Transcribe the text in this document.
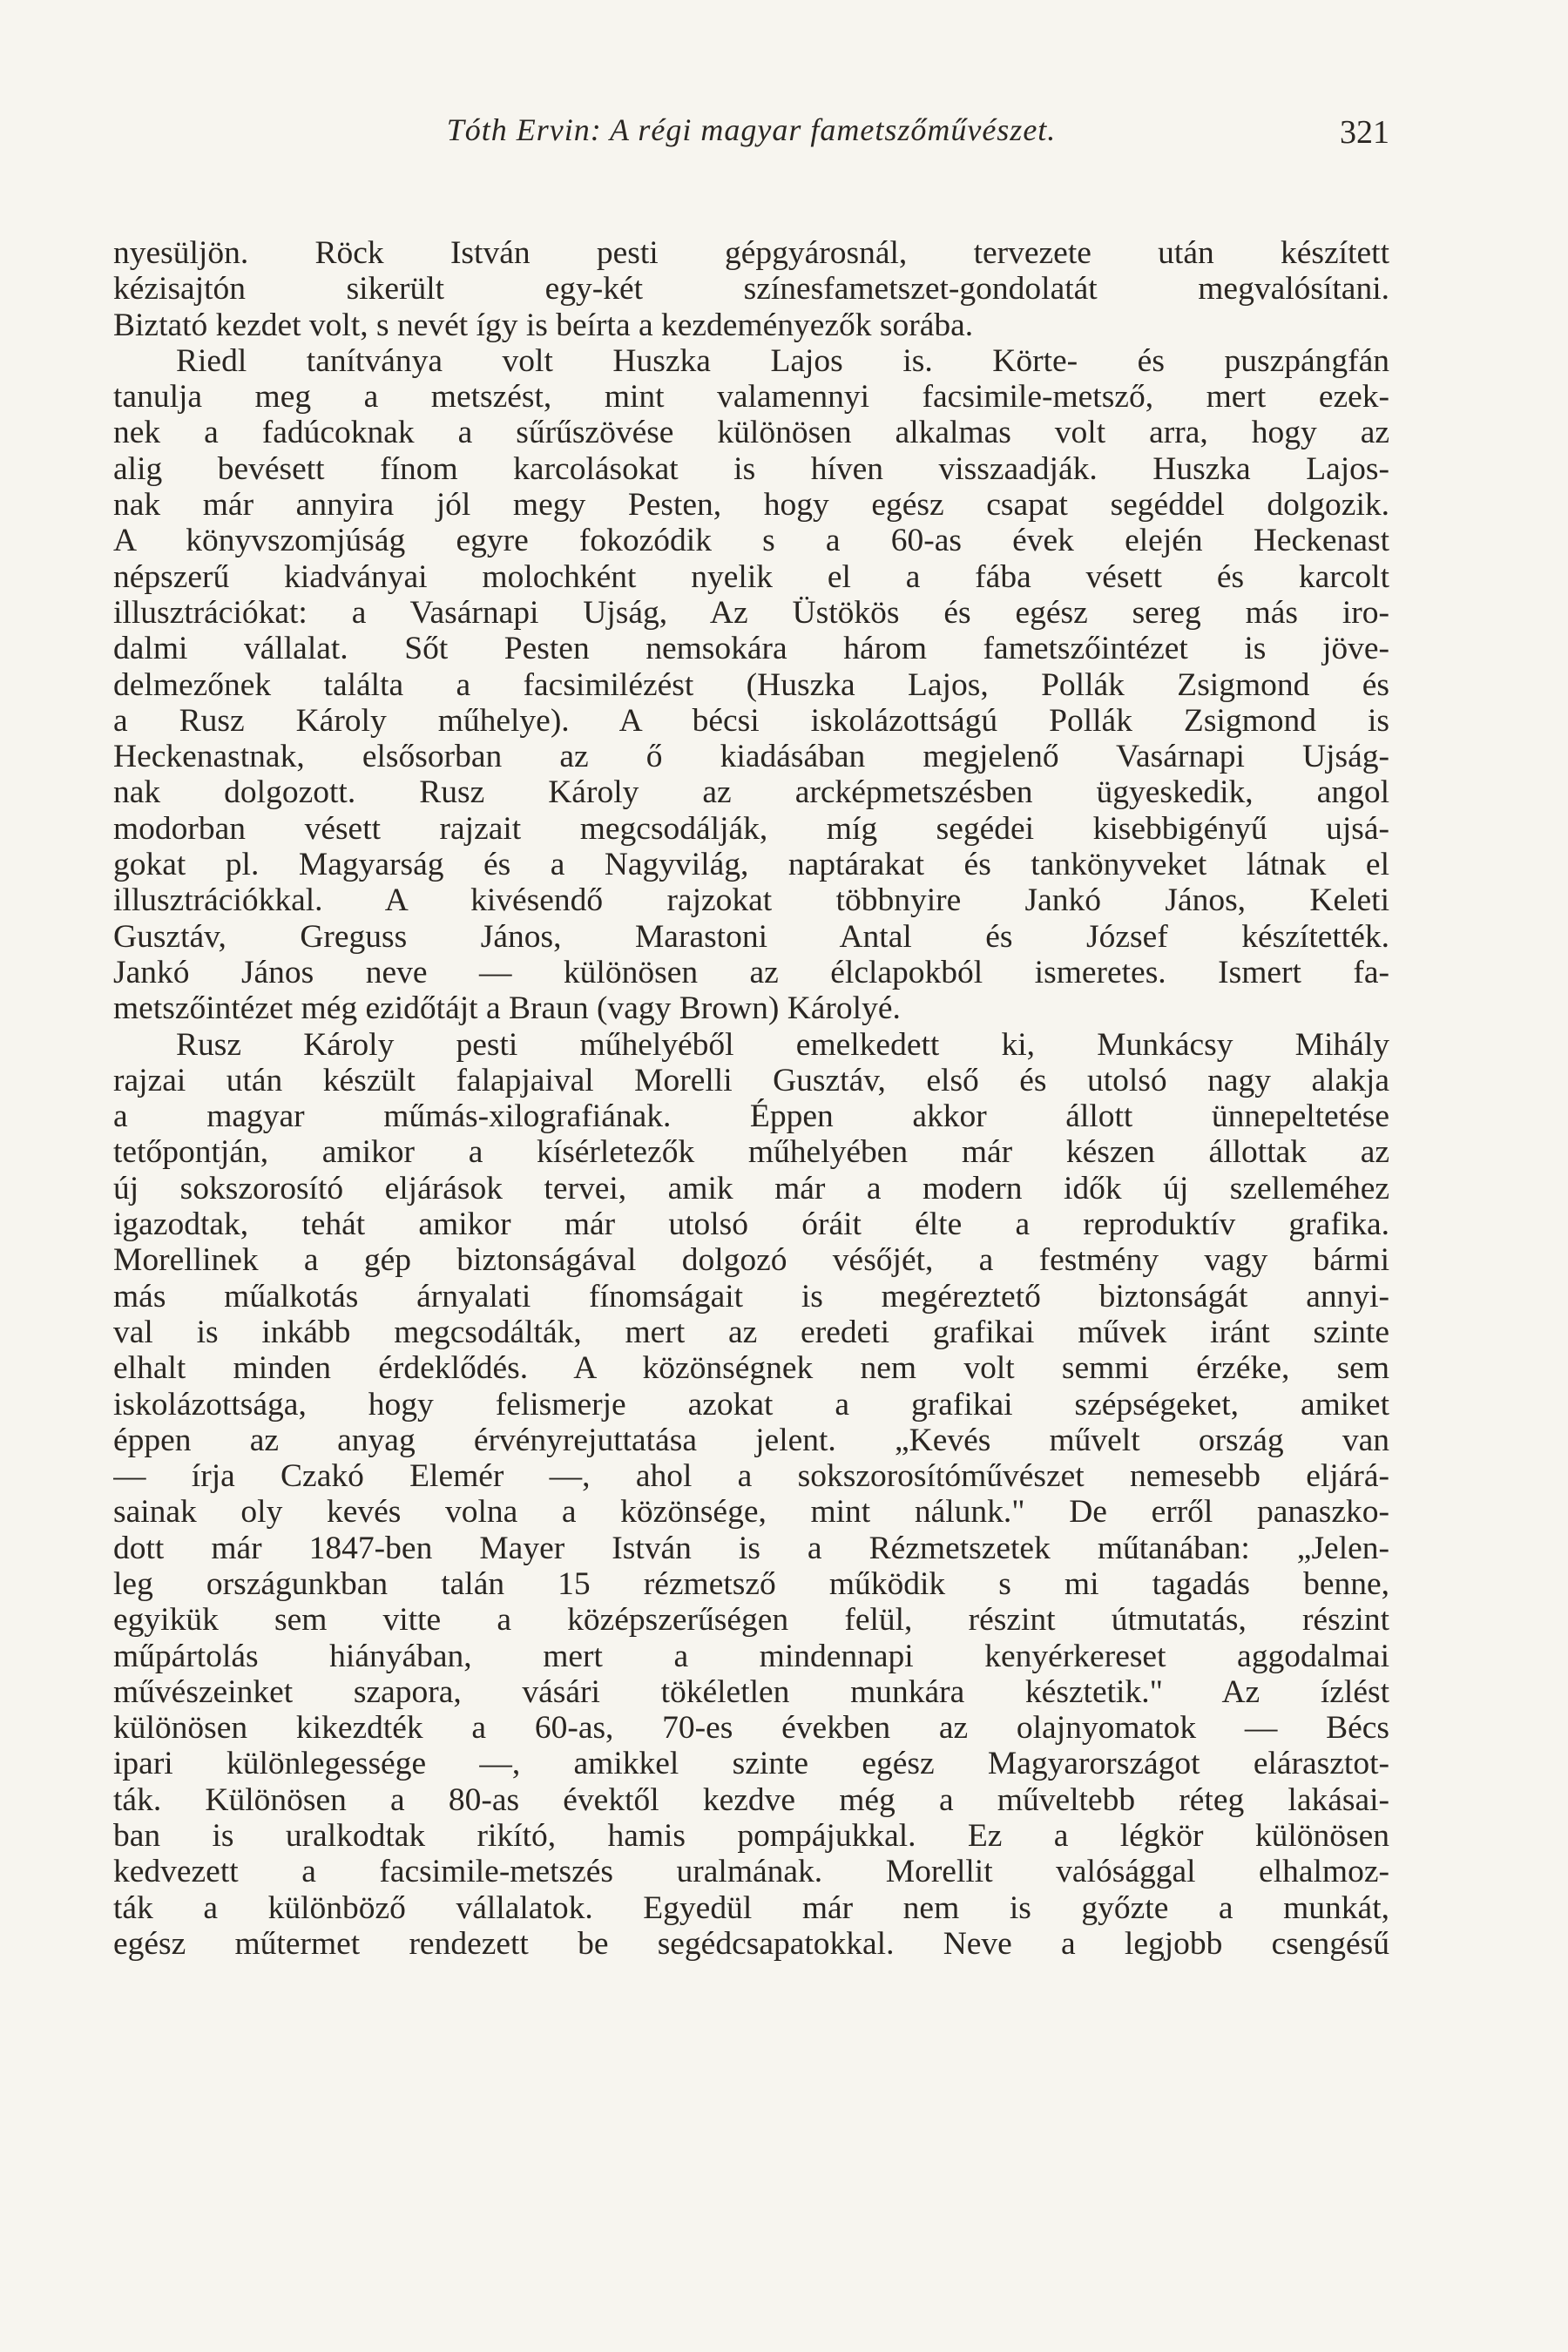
Tóth Ervin: A régi magyar fametszőművészet.	321
nyesüljön. Röck István pesti gépgyárosnál, tervezete után készített
kézisajtón sikerült egy-két színesfametszet-gondolatát megvalósítani.
Biztató kezdet volt, s nevét így is beírta a kezdeményezők sorába.
Riedl tanítványa volt Huszka Lajos is. Körte- és puszpángfán
tanulja meg a metszést, mint valamennyi facsimile-metsző, mert ezek-
nek a fadúcoknak a sűrűszövése különösen alkalmas volt arra, hogy az
alig bevésett fínom karcolásokat is híven visszaadják. Huszka Lajos-
nak már annyira jól megy Pesten, hogy egész csapat segéddel dolgozik.
A könyvszomjúság egyre fokozódik s a 60-as évek elején Heckenast
népszerű kiadványai molochként nyelik el a fába vésett és karcolt
illusztrációkat: a Vasárnapi Ujság, Az Üstökös és egész sereg más iro-
dalmi vállalat. Sőt Pesten nemsokára három fametszőintézet is jöve-
delmezőnek találta a facsimilézést (Huszka Lajos, Pollák Zsigmond és
a Rusz Károly műhelye). A bécsi iskolázottságú Pollák Zsigmond is
Heckenastnak, elsősorban az ő kiadásában megjelenő Vasárnapi Ujság-
nak dolgozott. Rusz Károly az arcképmetszésben ügyeskedik, angol
modorban vésett rajzait megcsodálják, míg segédei kisebbigényű ujsá-
gokat pl. Magyarság és a Nagyvilág, naptárakat és tankönyveket látnak el
illusztrációkkal. A kivésendő rajzokat többnyire Jankó János, Keleti
Gusztáv, Greguss János, Marastoni Antal és József készítették.
Jankó János neve — különösen az élclapokból ismeretes. Ismert fa-
metszőintézet még ezidőtájt a Braun (vagy Brown) Károlyé.
Rusz Károly pesti műhelyéből emelkedett ki, Munkácsy Mihály
rajzai után készült falapjaival Morelli Gusztáv, első és utolsó nagy alakja
a magyar műmás-xilografiának. Éppen akkor állott ünnepeltetése
tetőpontján, amikor a kísérletezők műhelyében már készen állottak az
új sokszorosító eljárások tervei, amik már a modern idők új szelleméhez
igazodtak, tehát amikor már utolsó óráit élte a reproduktív grafika.
Morellinek a gép biztonságával dolgozó vésőjét, a festmény vagy bármi
más műalkotás árnyalati fínomságait is megéreztető biztonságát annyi-
val is inkább megcsodálták, mert az eredeti grafikai művek iránt szinte
elhalt minden érdeklődés. A közönségnek nem volt semmi érzéke, sem
iskolázottsága, hogy felismerje azokat a grafikai szépségeket, amiket
éppen az anyag érvényrejuttatása jelent. „Kevés művelt ország van
— írja Czakó Elemér —, ahol a sokszorosítóművészet nemesebb eljárá-
sainak oly kevés volna a közönsége, mint nálunk." De erről panaszko-
dott már 1847-ben Mayer István is a Rézmetszetek műtanában: „Jelen-
leg országunkban talán 15 rézmetsző működik s mi tagadás benne,
egyikük sem vitte a középszerűségen felül, részint útmutatás, részint
műpártolás hiányában, mert a mindennapi kenyérkereset aggodalmai
művészeinket szapora, vásári tökéletlen munkára késztetik." Az ízlést
különösen kikezdték a 60-as, 70-es években az olajnyomatok — Bécs
ipari különlegessége —, amikkel szinte egész Magyarországot elárasztot-
ták. Különösen a 80-as évektől kezdve még a műveltebb réteg lakásai-
ban is uralkodtak rikító, hamis pompájukkal. Ez a légkör különösen
kedvezett a facsimile-metszés uralmának. Morellit valósággal elhalmoz-
ták a különböző vállalatok. Egyedül már nem is győzte a munkát,
egész műtermet rendezett be segédcsapatokkal. Neve a legjobb csengésű
